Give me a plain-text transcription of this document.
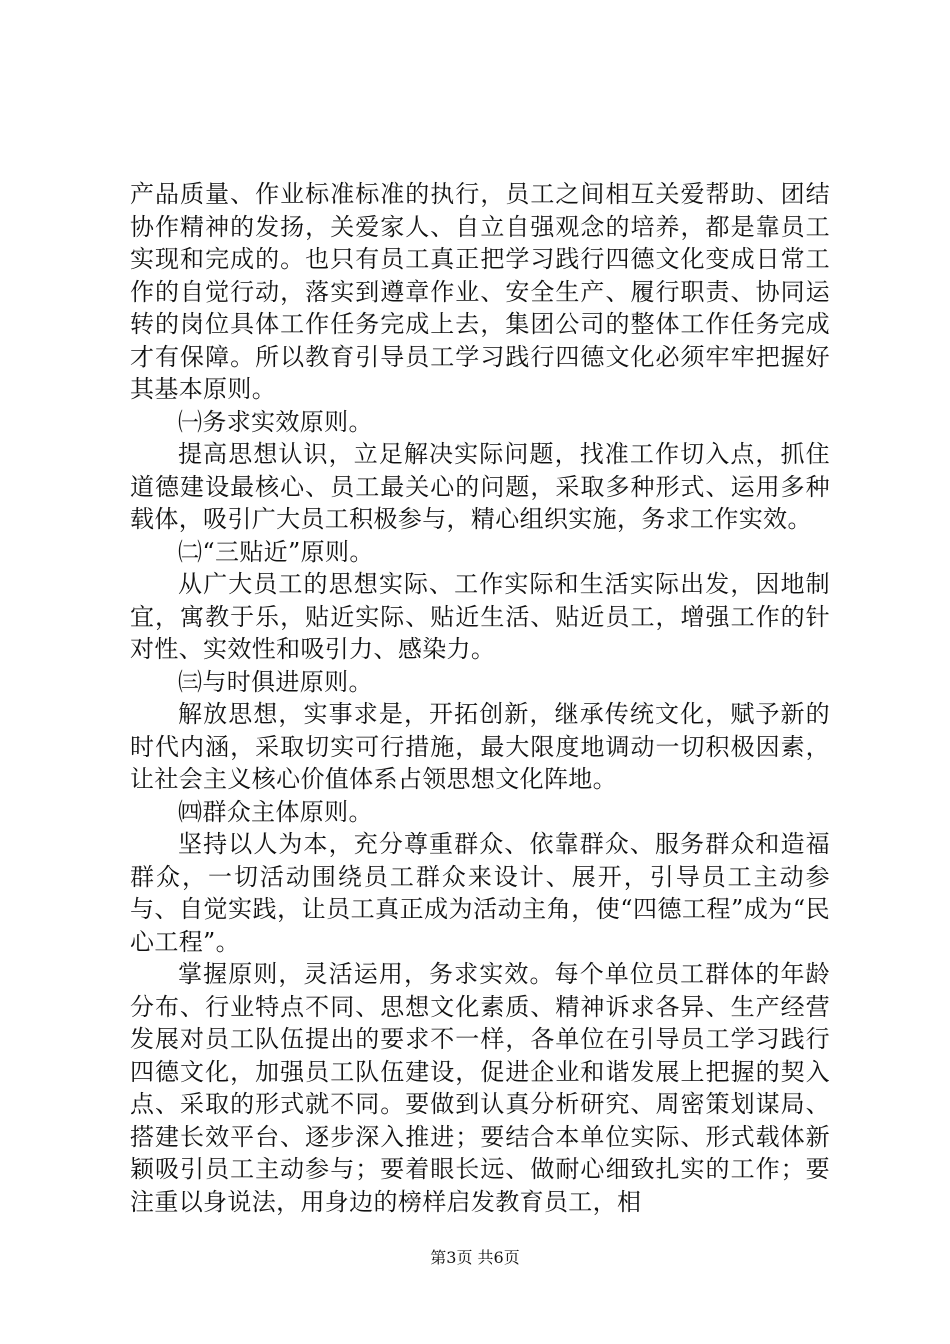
产品质量、作业标准标准的执行，员工之间相互关爱帮助、团结协作精神的发扬，关爱家人、自立自强观念的培养，都是靠员工实现和完成的。也只有员工真正把学习践行四德文化变成日常工作的自觉行动，落实到遵章作业、安全生产、履行职责、协同运转的岗位具体工作任务完成上去，集团公司的整体工作任务完成才有保障。所以教育引导员工学习践行四德文化必须牢牢把握好其基本原则。

㈠务求实效原则。

提高思想认识，立足解决实际问题，找准工作切入点，抓住道德建设最核心、员工最关心的问题，采取多种形式、运用多种载体，吸引广大员工积极参与，精心组织实施，务求工作实效。

㈡“三贴近”原则。

从广大员工的思想实际、工作实际和生活实际出发，因地制宜，寓教于乐，贴近实际、贴近生活、贴近员工，增强工作的针对性、实效性和吸引力、感染力。

㈢与时俱进原则。

解放思想，实事求是，开拓创新，继承传统文化，赋予新的时代内涵，采取切实可行措施，最大限度地调动一切积极因素，让社会主义核心价值体系占领思想文化阵地。

㈣群众主体原则。

坚持以人为本，充分尊重群众、依靠群众、服务群众和造福群众，一切活动围绕员工群众来设计、展开，引导员工主动参与、自觉实践，让员工真正成为活动主角，使“四德工程”成为“民心工程”。

掌握原则，灵活运用，务求实效。每个单位员工群体的年龄分布、行业特点不同、思想文化素质、精神诉求各异、生产经营发展对员工队伍提出的要求不一样，各单位在引导员工学习践行四德文化，加强员工队伍建设，促进企业和谐发展上把握的契入点、采取的形式就不同。要做到认真分析研究、周密策划谋局、搭建长效平台、逐步深入推进；要结合本单位实际、形式载体新颖吸引员工主动参与；要着眼长远、做耐心细致扎实的工作；要注重以身说法，用身边的榜样启发教育员工，相

第3页 共6页
